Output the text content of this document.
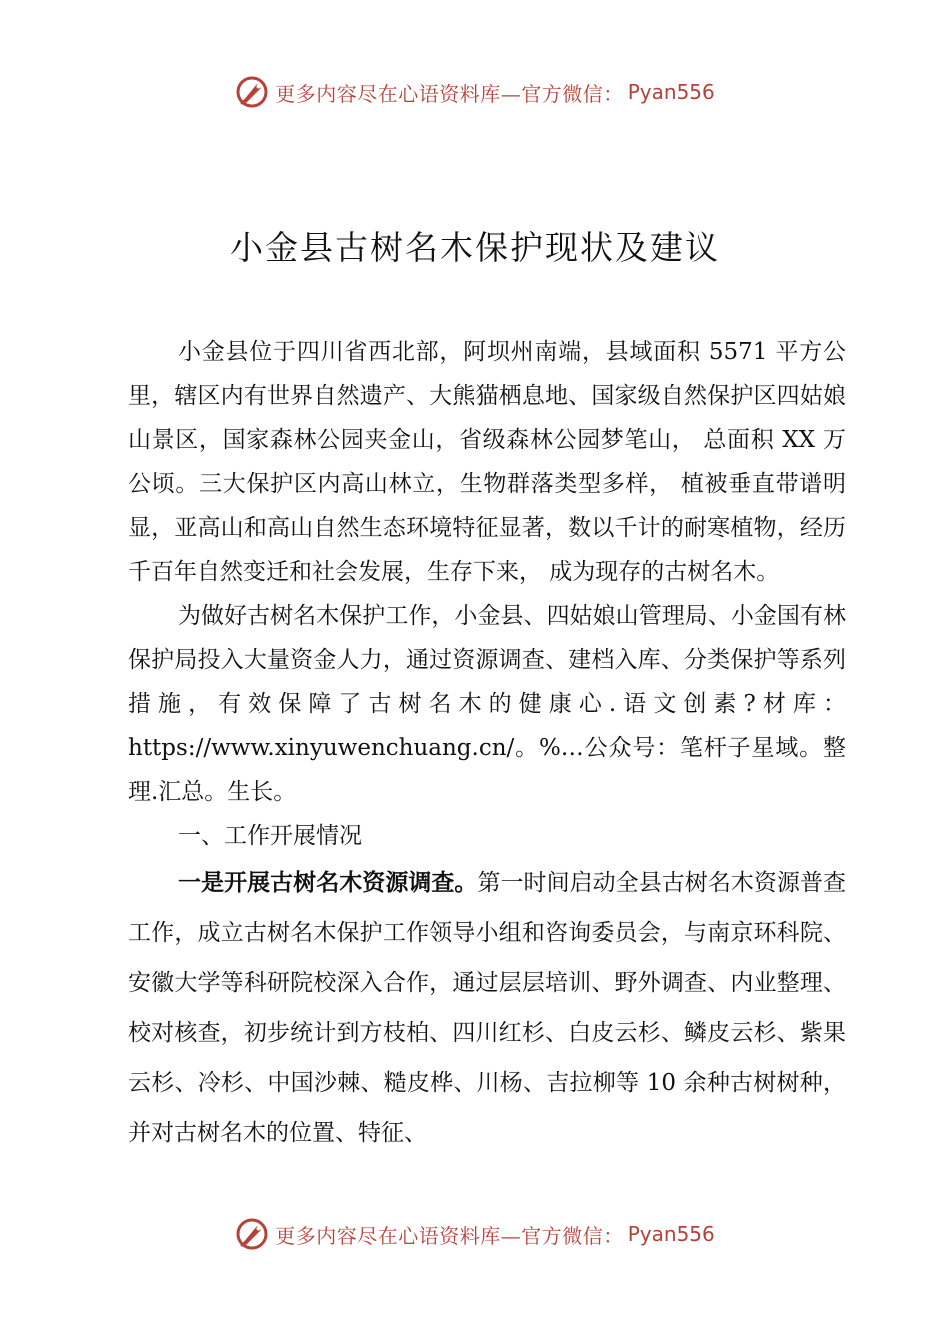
更多内容尽在心语资料库—官方微信： Pyan556
小金县古树名木保护现状及建议

小金县位于四川省西北部，阿坝州南端，县域面积 5571 平方公里，辖区内有世界自然遗产、大熊猫栖息地、国家级自然保护区四姑娘山景区，国家森林公园夹金山，省级森林公园梦笔山， 总面积 XX 万公顷。三大保护区内高山林立，生物群落类型多样， 植被垂直带谱明显，亚高山和高山自然生态环境特征显著，数以千计的耐寒植物，经历千百年自然变迁和社会发展，生存下来， 成为现存的古树名木。

为做好古树名木保护工作，小金县、四姑娘山管理局、小金国有林保护局投入大量资金人力，通过资源调查、建档入库、分类保护等系列措施，有效保障了古树名木的健康心.语文创素?材库：https://www.xinyuwenchuang.cn/。%…公众号：笔杆子星域。整理.汇总。生长。

一、工作开展情况

一是开展古树名木资源调查。第一时间启动全县古树名木资源普查工作，成立古树名木保护工作领导小组和咨询委员会，与南京环科院、安徽大学等科研院校深入合作，通过层层培训、野外调查、内业整理、校对核查，初步统计到方枝柏、四川红杉、白皮云杉、鳞皮云杉、紫果云杉、冷杉、中国沙棘、糙皮桦、川杨、吉拉柳等 10 余种古树树种，并对古树名木的位置、特征、

更多内容尽在心语资料库—官方微信： Pyan556
